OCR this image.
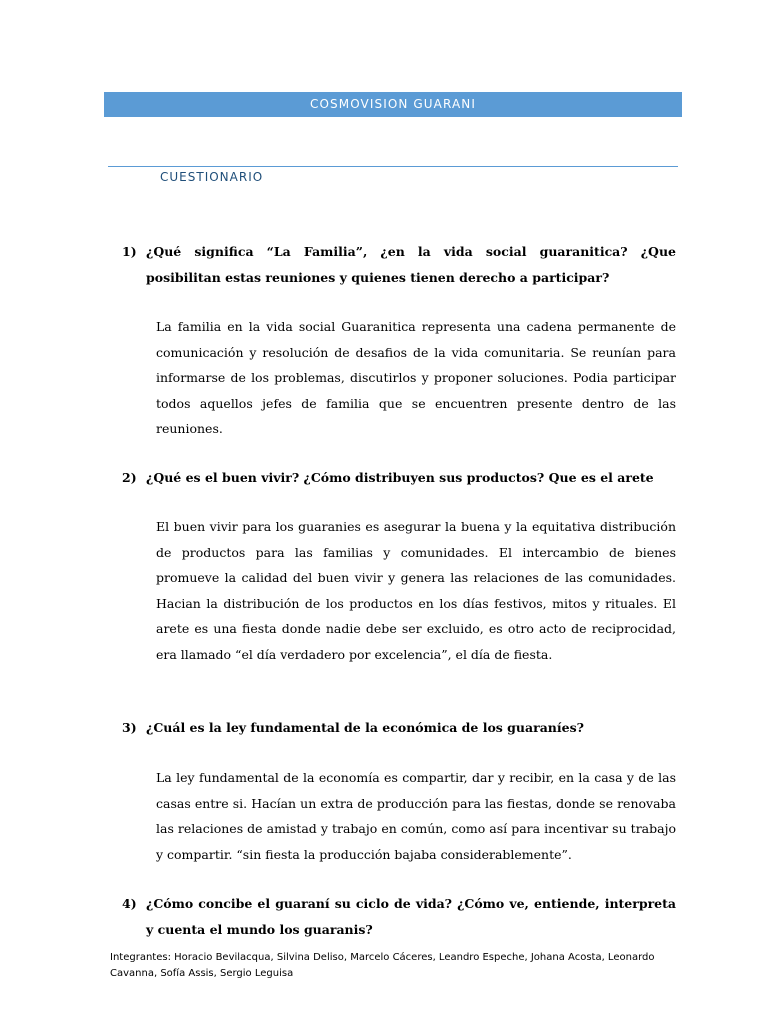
COSMOVISION GUARANI
CUESTIONARIO
1) ¿Qué significa “La Familia”, ¿en la vida social guaranitica? ¿Que posibilitan estas reuniones y quienes tienen derecho a participar?
La familia en la vida social Guaranitica representa una cadena permanente de comunicación y resolución de desafios de la vida comunitaria. Se reunían para informarse de los problemas, discutirlos y proponer soluciones. Podia participar todos aquellos jefes de familia que se encuentren presente dentro de las reuniones.
2) ¿Qué es el buen vivir? ¿Cómo distribuyen sus productos? Que es el arete
El buen vivir para los guaranies es asegurar la buena y la equitativa distribución de productos para las familias y comunidades. El intercambio de bienes promueve la calidad del buen vivir y genera las relaciones de las comunidades. Hacian la distribución de los productos en los días festivos, mitos y rituales. El arete es una fiesta donde nadie debe ser excluido, es otro acto de reciprocidad, era llamado “el día verdadero por excelencia”, el día de fiesta.
3) ¿Cuál es la ley fundamental de la económica de los guaraníes?
La ley fundamental de la economía es compartir, dar y recibir, en la casa y de las casas entre si. Hacían un extra de producción para las fiestas, donde se renovaba las relaciones de amistad y trabajo en común, como así para incentivar su trabajo y compartir. “sin fiesta la producción bajaba considerablemente”.
4) ¿Cómo concibe el guaraní su ciclo de vida? ¿Cómo ve, entiende, interpreta y cuenta el mundo los guaranis?
Integrantes: Horacio Bevilacqua, Silvina Deliso, Marcelo Cáceres, Leandro Espeche, Johana Acosta, Leonardo Cavanna, Sofía Assis, Sergio Leguisa
